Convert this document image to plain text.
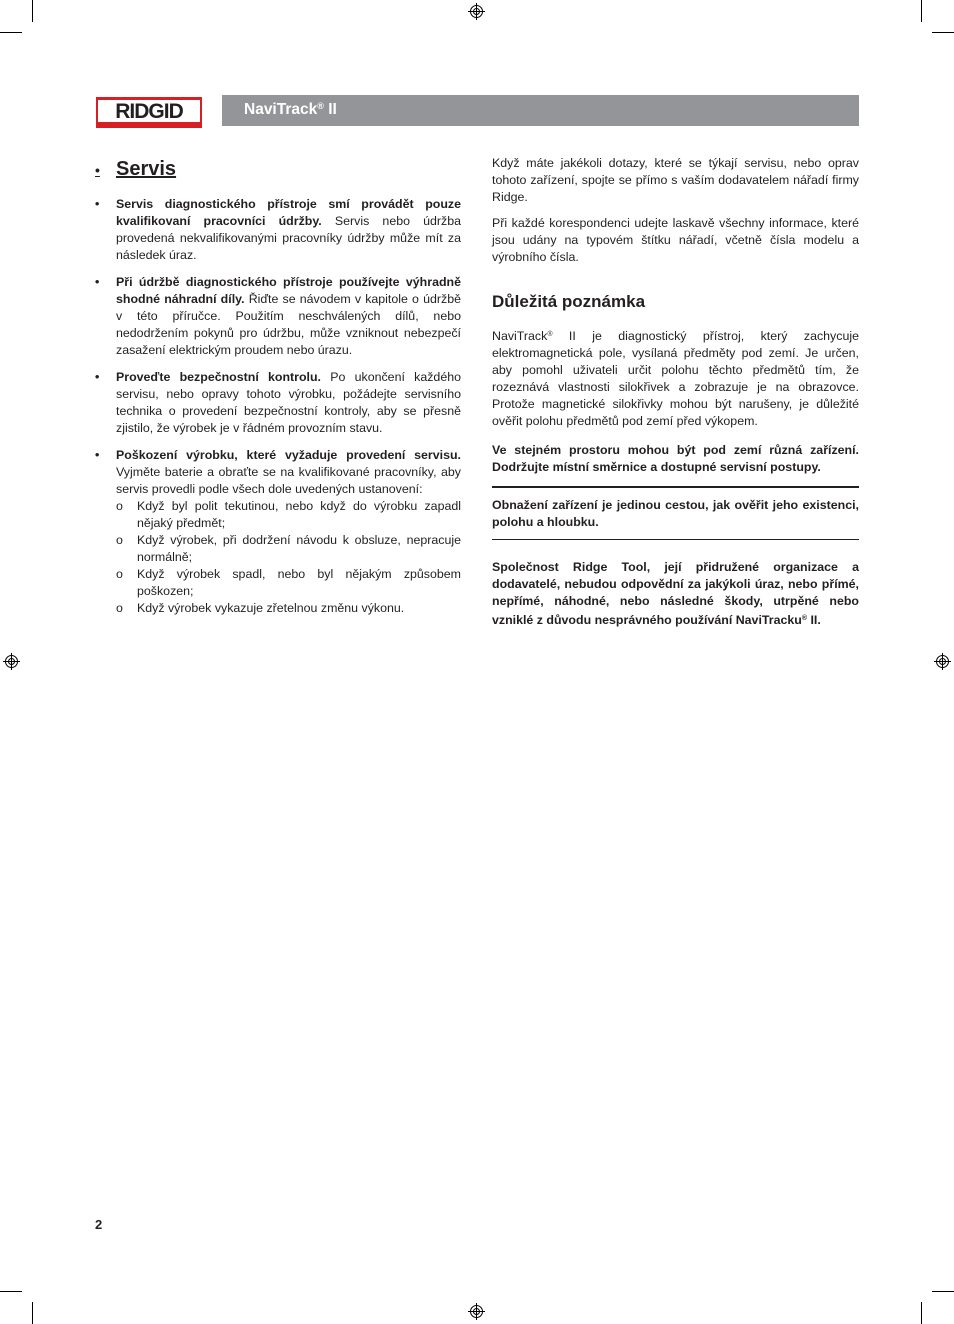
RIDGID	NaviTrack® II
• Servis
•	Servis diagnostického přístroje smí provádět pouze kvalifikovaní pracovníci údržby. Servis nebo údržba provedená nekvalifikovanými pracovníky údržby může mít za následek úraz.
•	Při údržbě diagnostického přístroje používejte výhradně shodné náhradní díly. Řiďte se návodem v kapitole o údržbě v této příručce. Použitím neschválených dílů, nebo nedodržením pokynů pro údržbu, může vzniknout nebezpečí zasažení elektrickým proudem nebo úrazu.
•	Proveďte bezpečnostní kontrolu. Po ukončení každého servisu, nebo opravy tohoto výrobku, požádejte servisního technika o provedení bezpečnostní kontroly, aby se přesně zjistilo, že výrobek je v řádném provozním stavu.
•	Poškození výrobku, které vyžaduje provedení servisu. Vyjměte baterie a obraťte se na kvalifikované pracovníky, aby servis provedli podle všech dole uvedených ustanovení:
o	Když byl polit tekutinou, nebo když do výrobku zapadl nějaký předmět;
o	Když výrobek, při dodržení návodu k obsluze, nepracuje normálně;
o	Když výrobek spadl, nebo byl nějakým způsobem poškozen;
o	Když výrobek vykazuje zřetelnou změnu výkonu.

Když máte jakékoli dotazy, které se týkají servisu, nebo oprav tohoto zařízení, spojte se přímo s vaším dodavatelem nářadí firmy Ridge.

Při každé korespondenci udejte laskavě všechny informace, které jsou udány na typovém štítku nářadí, včetně čísla modelu a výrobního čísla.

Důležitá poznámka

NaviTrack® II je diagnostický přístroj, který zachycuje elektromagnetická pole, vysílaná předměty pod zemí. Je určen, aby pomohl uživateli určit polohu těchto předmětů tím, že rozeznává vlastnosti silokřivek a zobrazuje je na obrazovce. Protože magnetické silokřivky mohou být narušeny, je důležité ověřit polohu předmětů pod zemí před výkopem.

Ve stejném prostoru mohou být pod zemí různá zařízení. Dodržujte místní směrnice a dostupné servisní postupy.

Obnažení zařízení je jedinou cestou, jak ověřit jeho existenci, polohu a hloubku.

Společnost Ridge Tool, její přidružené organizace a dodavatelé, nebudou odpovědní za jakýkoli úraz, nebo přímé, nepřímé, náhodné, nebo následné škody, utrpěné nebo vzniklé z důvodu nesprávného používání NaviTracku® II.

2
